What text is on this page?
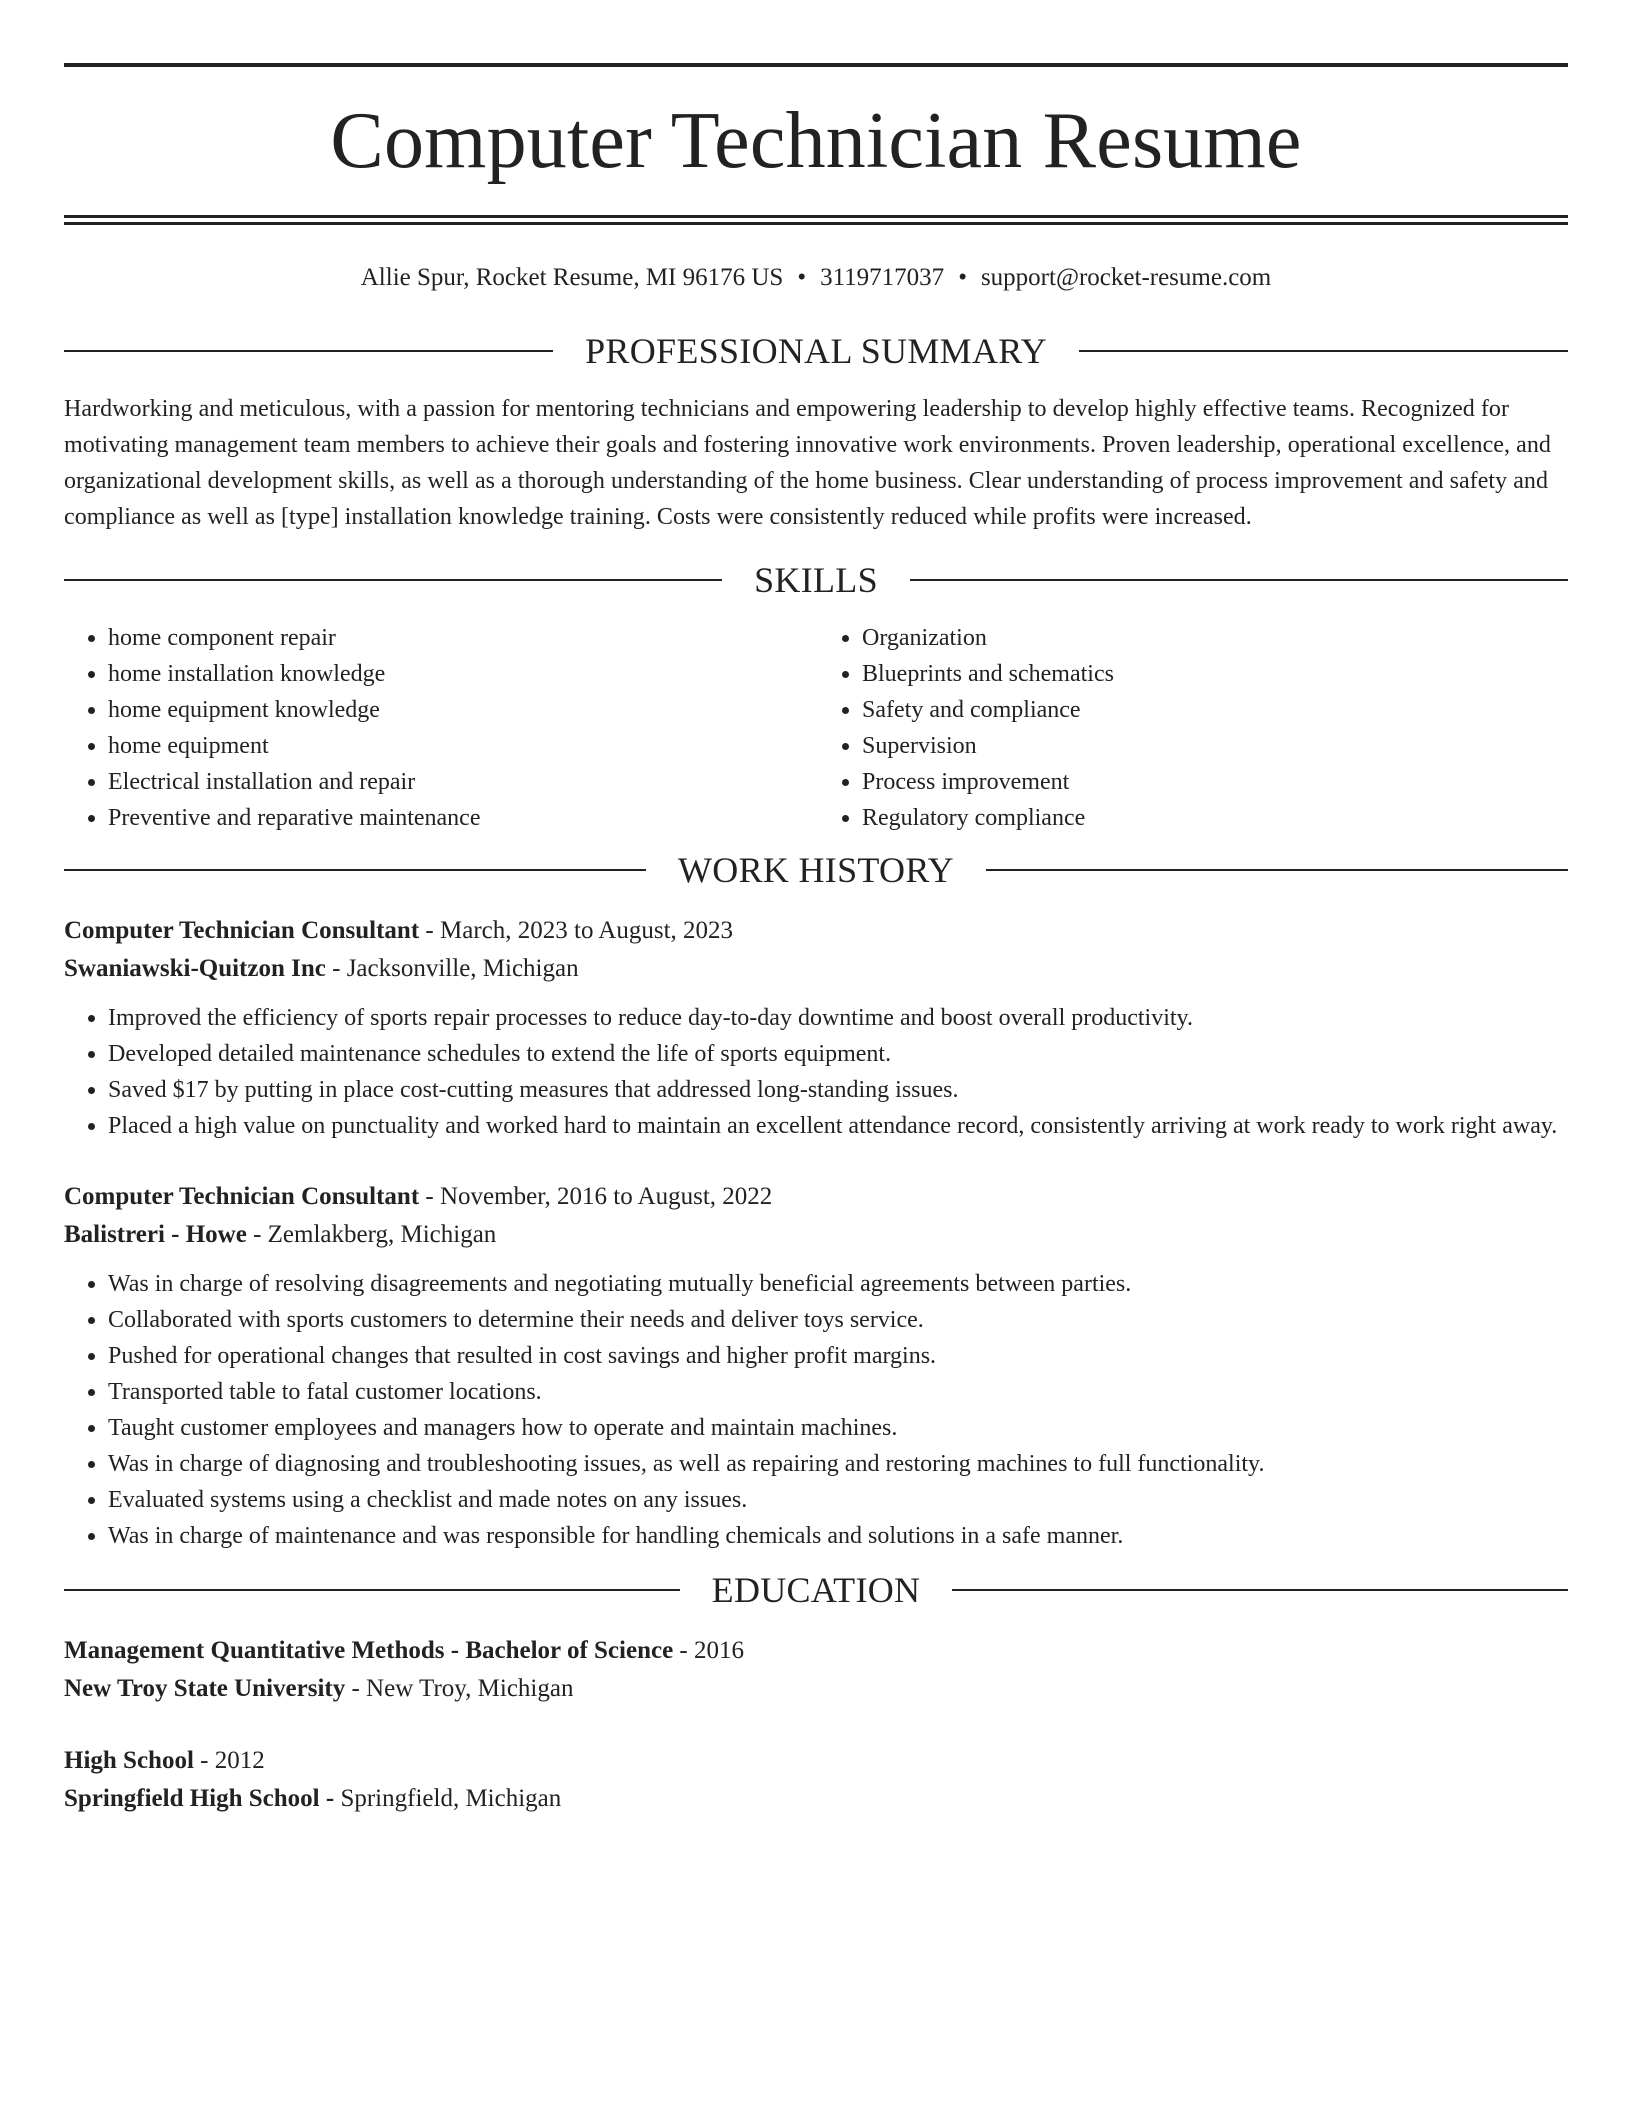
Computer Technician Resume
Allie Spur, Rocket Resume, MI 96176 US • 3119717037 • support@rocket-resume.com
PROFESSIONAL SUMMARY

Hardworking and meticulous, with a passion for mentoring technicians and empowering leadership to develop highly effective teams. Recognized for motivating management team members to achieve their goals and fostering innovative work environments. Proven leadership, operational excellence, and organizational development skills, as well as a thorough understanding of the home business. Clear understanding of process improvement and safety and compliance as well as [type] installation knowledge training. Costs were consistently reduced while profits were increased.

SKILLS
• home component repair
• home installation knowledge
• home equipment knowledge
• home equipment
• Electrical installation and repair
• Preventive and reparative maintenance
• Organization
• Blueprints and schematics
• Safety and compliance
• Supervision
• Process improvement
• Regulatory compliance
WORK HISTORY
Computer Technician Consultant - March, 2023 to August, 2023
Swaniawski-Quitzon Inc - Jacksonville, Michigan
• Improved the efficiency of sports repair processes to reduce day-to-day downtime and boost overall productivity.
• Developed detailed maintenance schedules to extend the life of sports equipment.
• Saved $17 by putting in place cost-cutting measures that addressed long-standing issues.
• Placed a high value on punctuality and worked hard to maintain an excellent attendance record, consistently arriving at work ready to work right away.
Computer Technician Consultant - November, 2016 to August, 2022
Balistreri - Howe - Zemlakberg, Michigan
• Was in charge of resolving disagreements and negotiating mutually beneficial agreements between parties.
• Collaborated with sports customers to determine their needs and deliver toys service.
• Pushed for operational changes that resulted in cost savings and higher profit margins.
• Transported table to fatal customer locations.
• Taught customer employees and managers how to operate and maintain machines.
• Was in charge of diagnosing and troubleshooting issues, as well as repairing and restoring machines to full functionality.
• Evaluated systems using a checklist and made notes on any issues.
• Was in charge of maintenance and was responsible for handling chemicals and solutions in a safe manner.
EDUCATION
Management Quantitative Methods - Bachelor of Science - 2016
New Troy State University - New Troy, Michigan
High School - 2012
Springfield High School - Springfield, Michigan
